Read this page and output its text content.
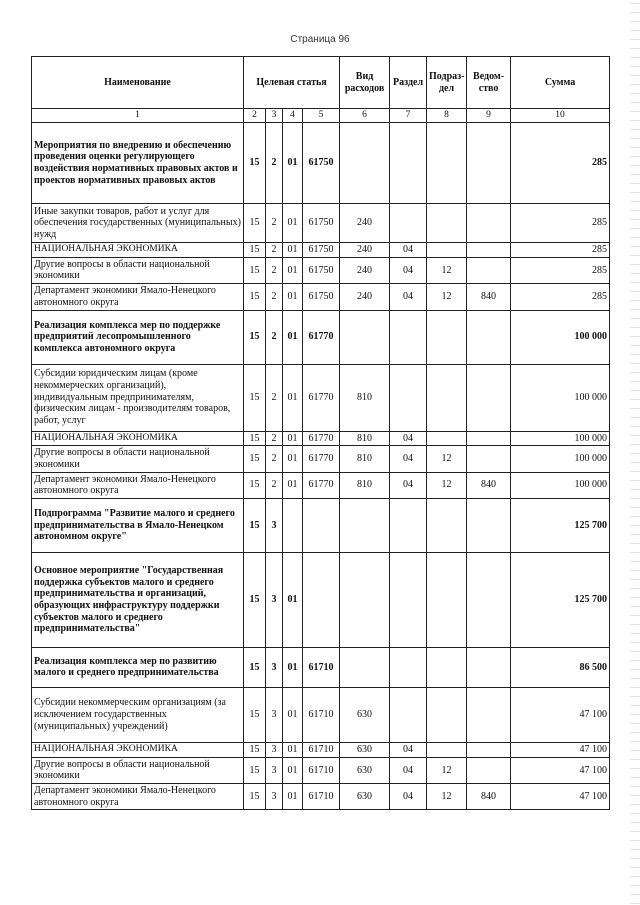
Страница 96
Наименование	Целевая статья				Вид расходов	Раздел	Подраз-дел	Ведом-ство	Сумма
1	2	3	4	5	6	7	8	9	10
Мероприятия по внедрению и обеспечению проведения оценки регулирующего воздействия нормативных правовых актов и проектов нормативных правовых актов	15	2	01	61750					285
Иные закупки товаров, работ и услуг для обеспечения государственных (муниципальных) нужд	15	2	01	61750	240				285
НАЦИОНАЛЬНАЯ ЭКОНОМИКА	15	2	01	61750	240	04			285
Другие вопросы в области национальной экономики	15	2	01	61750	240	04	12		285
Департамент экономики Ямало-Ненецкого автономного округа	15	2	01	61750	240	04	12	840	285
Реализация комплекса мер по поддержке предприятий лесопромышленного комплекса автономного округа	15	2	01	61770					100 000
Субсидии юридическим лицам (кроме некоммерческих организаций), индивидуальным предпринимателям, физическим лицам - производителям товаров, работ, услуг	15	2	01	61770	810				100 000
НАЦИОНАЛЬНАЯ ЭКОНОМИКА	15	2	01	61770	810	04			100 000
Другие вопросы в области национальной экономики	15	2	01	61770	810	04	12		100 000
Департамент экономики Ямало-Ненецкого автономного округа	15	2	01	61770	810	04	12	840	100 000
Подпрограмма "Развитие малого и среднего предпринимательства в Ямало-Ненецком автономном округе"	15	3							125 700
Основное мероприятие "Государственная поддержка субъектов малого и среднего предпринимательства и организаций, образующих инфраструктуру поддержки субъектов малого и среднего предпринимательства"	15	3	01						125 700
Реализация комплекса мер по развитию малого и среднего предпринимательства	15	3	01	61710					86 500
Субсидии некоммерческим организациям (за исключением государственных (муниципальных) учреждений)	15	3	01	61710	630				47 100
НАЦИОНАЛЬНАЯ ЭКОНОМИКА	15	3	01	61710	630	04			47 100
Другие вопросы в области национальной экономики	15	3	01	61710	630	04	12		47 100
Департамент экономики Ямало-Ненецкого автономного округа	15	3	01	61710	630	04	12	840	47 100
